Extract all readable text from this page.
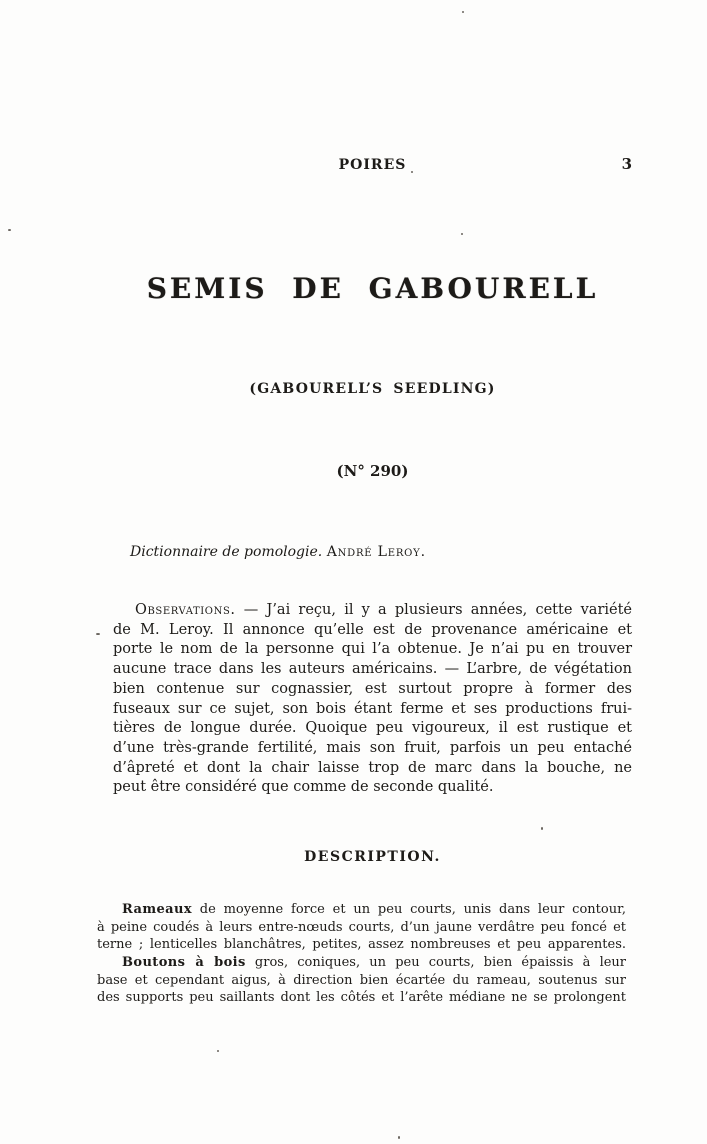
POIRES	3
SEMIS DE GABOURELL
(GABOURELL’S SEEDLING)
(N° 290)
Dictionnaire de pomologie. André Leroy.
Observations. — J’ai reçu, il y a plusieurs années, cette variété
de M. Leroy. Il annonce qu’elle est de provenance américaine et
porte le nom de la personne qui l’a obtenue. Je n’ai pu en trouver
aucune trace dans les auteurs américains. — L’arbre, de végétation
bien contenue sur cognassier, est surtout propre à former des
fuseaux sur ce sujet, son bois étant ferme et ses productions frui-
tières de longue durée. Quoique peu vigoureux, il est rustique et
d’une très-grande fertilité, mais son fruit, parfois un peu entaché
d’âpreté et dont la chair laisse trop de marc dans la bouche, ne
peut être considéré que comme de seconde qualité.
DESCRIPTION.
Rameaux de moyenne force et un peu courts, unis dans leur contour,
à peine coudés à leurs entre-nœuds courts, d’un jaune verdâtre peu foncé et
terne ; lenticelles blanchâtres, petites, assez nombreuses et peu apparentes.
Boutons à bois gros, coniques, un peu courts, bien épaissis à leur
base et cependant aigus, à direction bien écartée du rameau, soutenus sur
des supports peu saillants dont les côtés et l’arête médiane ne se prolongent
